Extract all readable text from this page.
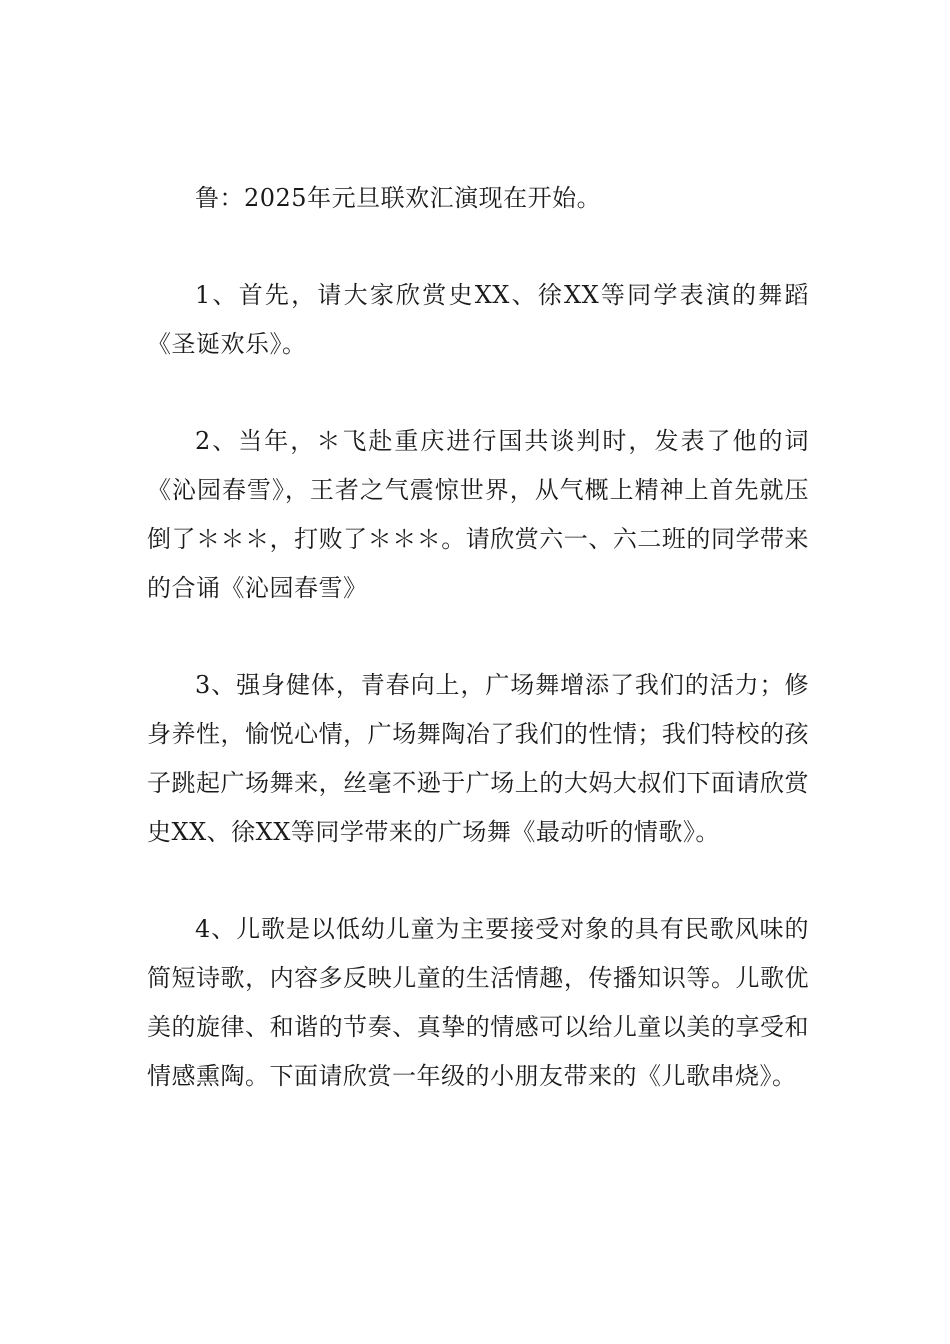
鲁：2025年元旦联欢汇演现在开始。

1、首先，请大家欣赏史XX、徐XX等同学表演的舞蹈《圣诞欢乐》。

2、当年，＊飞赴重庆进行国共谈判时，发表了他的词《沁园春雪》，王者之气震惊世界，从气概上精神上首先就压倒了＊＊＊，打败了＊＊＊。请欣赏六一、六二班的同学带来的合诵《沁园春雪》

3、强身健体，青春向上，广场舞增添了我们的活力；修身养性，愉悦心情，广场舞陶冶了我们的性情；我们特校的孩子跳起广场舞来，丝毫不逊于广场上的大妈大叔们下面请欣赏史XX、徐XX等同学带来的广场舞《最动听的情歌》。

4、儿歌是以低幼儿童为主要接受对象的具有民歌风味的简短诗歌，内容多反映儿童的生活情趣，传播知识等。儿歌优美的旋律、和谐的节奏、真挚的情感可以给儿童以美的享受和情感熏陶。下面请欣赏一年级的小朋友带来的《儿歌串烧》。
